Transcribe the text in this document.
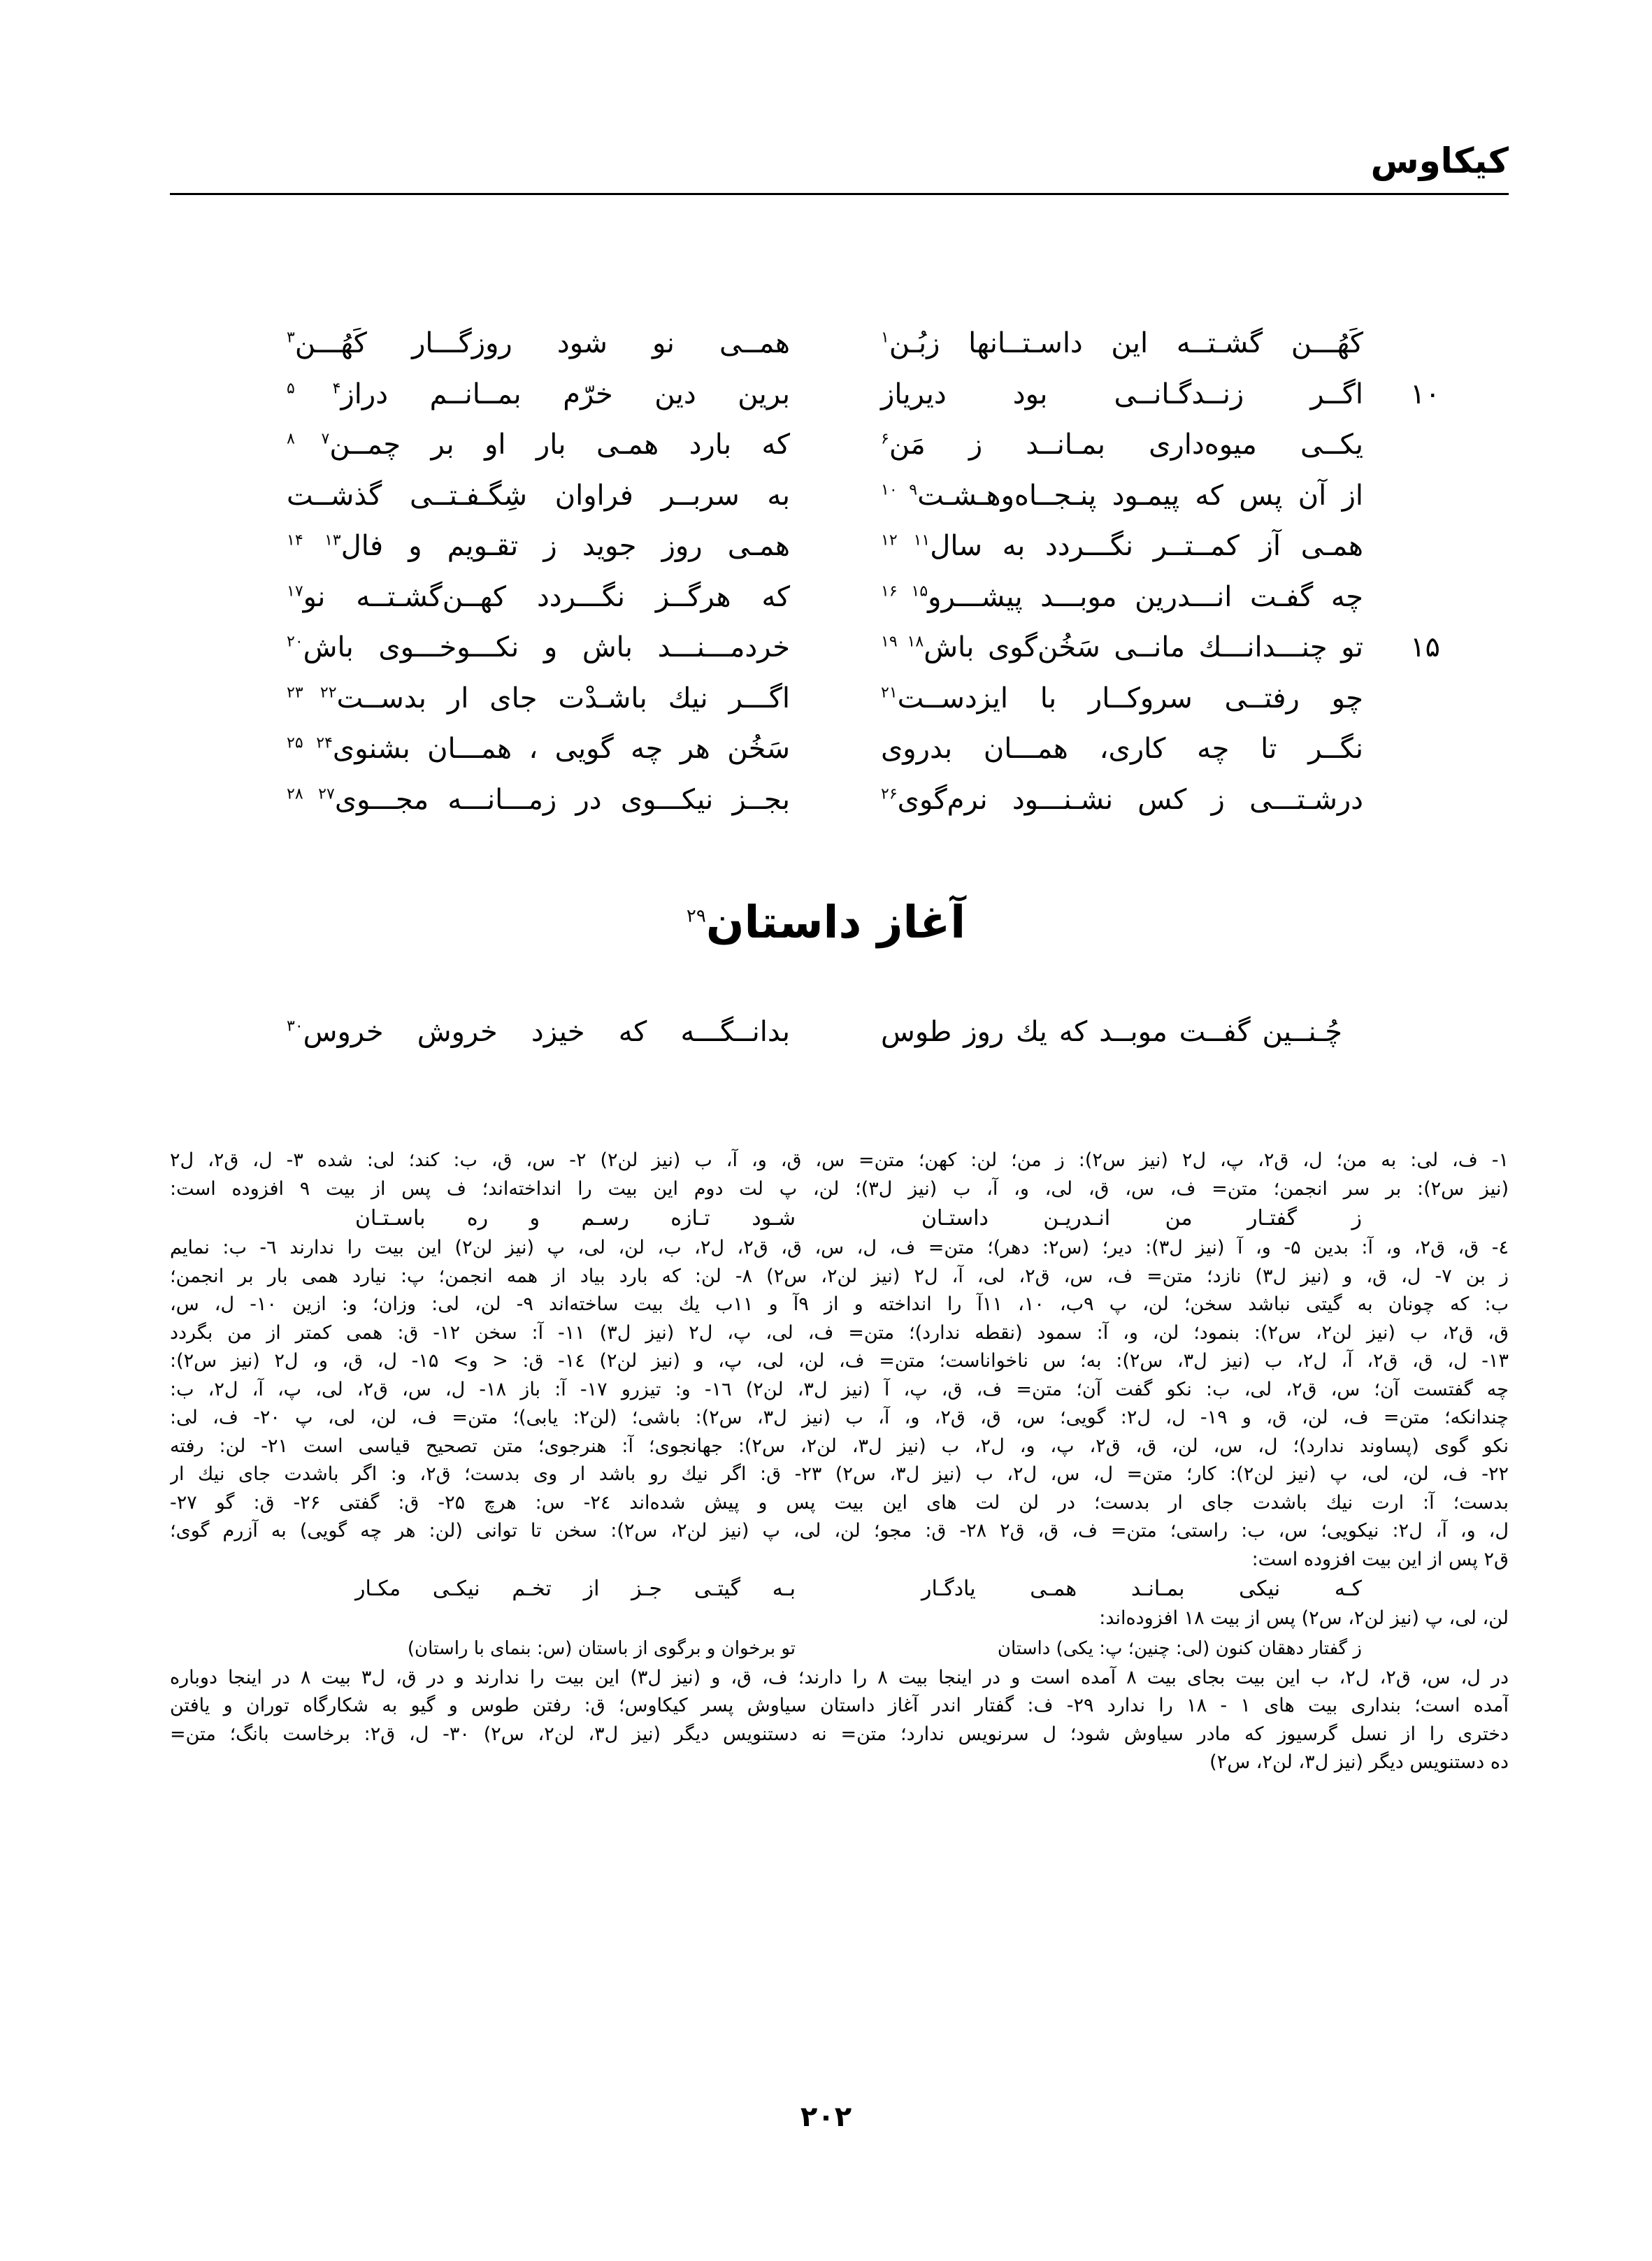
کیکاوس
کَهُـــن گشـتــه این داسـتــانها زبُـن$^۱$
همــی نو شود روزگـــار کَهُـــن$^۳$
۱۰
اگــر زنــدگـانــی بود دیریاز
برین دین خرّم بمــانــم دراز$^{۴ ۵}$
یکــی میوه‌داری بمـانــد ز مَن$^۶$
که بارد همـی بار او بر چمــن$^{۷ ۸}$
از آن پس که پیمـود پنـجــاه‌وهـشـت$^{۹ ۱۰}$
به سربــر فراوان شِگـفـتــی گذشــت
همـی آز کمــتــر نگـــردد به سال$^{۱۱ ۱۲}$
همـی روز جوید ز تقـویم و فال$^{۱۳ ۱۴}$
چه گفـت انـــدرین موبـــد پیشـــرو$^{۱۵ ۱۶}$
که هرگــز نگـــردد کهــن‌گشـتــه نو$^{۱۷}$
۱۵
تو چنـــدانـــك مانــی سَخُن‌گوی باش$^{۱۸ ۱۹}$
خردمـــنـــد باش و نکـــوخـــوی باش$^{۲۰}$
چو رفتــی سروکــار با ایزدســت$^{۲۱}$
اگـــر نیك باشـدْت جای ار بدســت$^{۲۲ ۲۳}$
نگــر تا چه کاری، همـــان بدروی
سَخُن هر چه گویی ، همـــان بشنوی$^{۲۴ ۲۵}$
درشـتـــی ز کس نشـنـــود نرم‌گوی$^{۲۶}$
بجــز نیکـــوی در زمـــانـــه مجـــوی$^{۲۷ ۲۸}$
آغاز داستان$^{۲۹}$
چُـنــین گفــت موبــد که یك روز طوس
بدانــگـــه که خیزد خروش خروس$^{۳۰}$
۱- ف، لی: به من؛ ل، ق۲، پ، ل۲ (نیز س۲): ز من؛ لن: کهن؛ متن= س، ق، و، آ، ب (نیز لن۲) ۲- س، ق، ب: کند؛ لی: شده ۳- ل، ق۲، ل۲
(نیز س۲): بر سر انجمن؛ متن= ف، س، ق، لی، و، آ، ب (نیز ل۳)؛ لن، پ لت دوم این بیت را انداخته‌اند؛ ف پس از بیت ۹ افزوده است:
ز گفتـار من انـدریـن داستـان
شـود تـازه رسـم و ره باسـتـان
٤- ق، ق۲، و، آ: بدین ۵- و، آ (نیز ل۳): دیر؛ (س۲: دهر)؛ متن= ف، ل، س، ق، ق۲، ل۲، ب، لن، لی، پ (نیز لن۲) این بیت را ندارند ٦- ب: نمایم
ز بن ۷- ل، ق، و (نیز ل۳) نازد؛ متن= ف، س، ق۲، لی، آ، ل۲ (نیز لن۲، س۲) ۸- لن: که بارد بیاد از همه انجمن؛ پ: نیارد همی بار بر انجمن؛
ب: که چونان به گیتی نباشد سخن؛ لن، پ ۹ب، ۱۰، ۱۱آ را انداخته و از ۹آ و ۱۱ب یك بیت ساخته‌اند ۹- لن، لی: وزان؛ و: ازین ۱۰- ل، س،
ق، ق۲، ب (نیز لن۲، س۲): بنمود؛ لن، و، آ: سمود (نقطه ندارد)؛ متن= ف، لی، پ، ل۲ (نیز ل۳) ۱۱- آ: سخن ۱۲- ق: همی کمتر از من بگردد
۱۳- ل، ق، ق۲، آ، ل۲، ب (نیز ل۳، س۲): به؛ س ناخواناست؛ متن= ف، لن، لی، پ، و (نیز لن۲) ١٤- ق: < و> ۱۵- ل، ق، و، ل۲ (نیز س۲):
چه گفتست آن؛ س، ق۲، لی، ب: نکو گفت آن؛ متن= ف، ق، پ، آ (نیز ل۳، لن۲) ١٦- و: تیزرو ۱۷- آ: باز ۱۸- ل، س، ق۲، لی، پ، آ، ل۲، ب:
چندانکه؛ متن= ف، لن، ق، و ۱۹- ل، ل۲: گویی؛ س، ق، ق۲، و، آ، ب (نیز ل۳، س۲): باشی؛ (لن۲: یابی)؛ متن= ف، لن، لی، پ ۲۰- ف، لی:
نکو گوی (پساوند ندارد)؛ ل، س، لن، ق، ق۲، پ، و، ل۲، ب (نیز ل۳، لن۲، س۲): جهانجوی؛ آ: هنرجوی؛ متن تصحیح قیاسی است ۲۱- لن: رفته
۲۲- ف، لن، لی، پ (نیز لن۲): کار؛ متن= ل، س، ل۲، ب (نیز ل۳، س۲) ۲۳- ق: اگر نیك رو باشد ار وی بدست؛ ق۲، و: اگر باشدت جای نیك ار
بدست؛ آ: ارت نیك باشدت جای ار بدست؛ در لن لت های این بیت پس و پیش شده‌اند ٢٤- س: هرچ ۲۵- ق: گفتی ۲۶- ق: گو ۲۷-
ل، و، آ، ل۲: نیکویی؛ س، ب: راستی؛ متن= ف، ق، ق۲ ۲۸- ق: مجو؛ لن، لی، پ (نیز لن۲، س۲): سخن تا توانی (لن: هر چه گویی) به آزرم گوی؛
ق۲ پس از این بیت افزوده است:
کـه نیکی بمـانـد همـی یادگـار
بـه گیتـی جـز از تخـم نیکـی مکـار
لن، لی، پ (نیز لن۲، س۲) پس از بیت ۱۸ افزوده‌اند:
ز گفتار دهقان کنون (لی: چنین؛ پ: یکی) داستان
تو برخوان و برگوی از باستان (س: بنمای با راستان)
در ل، س، ق۲، ل۲، ب این بیت بجای بیت ۸ آمده است و در اینجا بیت ۸ را دارند؛ ف، ق، و (نیز ل۳) این بیت را ندارند و در ق، ل۳ بیت ۸ در اینجا دوباره
آمده است؛ بنداری بیت های ۱ - ۱۸ را ندارد ۲۹- ف: گفتار اندر آغاز داستان سیاوش پسر کیکاوس؛ ق: رفتن طوس و گیو به شکارگاه توران و یافتن
دختری را از نسل گرسیوز که مادر سیاوش شود؛ ل سرنویس ندارد؛ متن= نه دستنویس دیگر (نیز ل۳، لن۲، س۲) ۳۰- ل، ق۲: برخاست بانگ؛ متن=
ده دستنویس دیگر (نیز ل۳، لن۲، س۲)
۲۰۲
